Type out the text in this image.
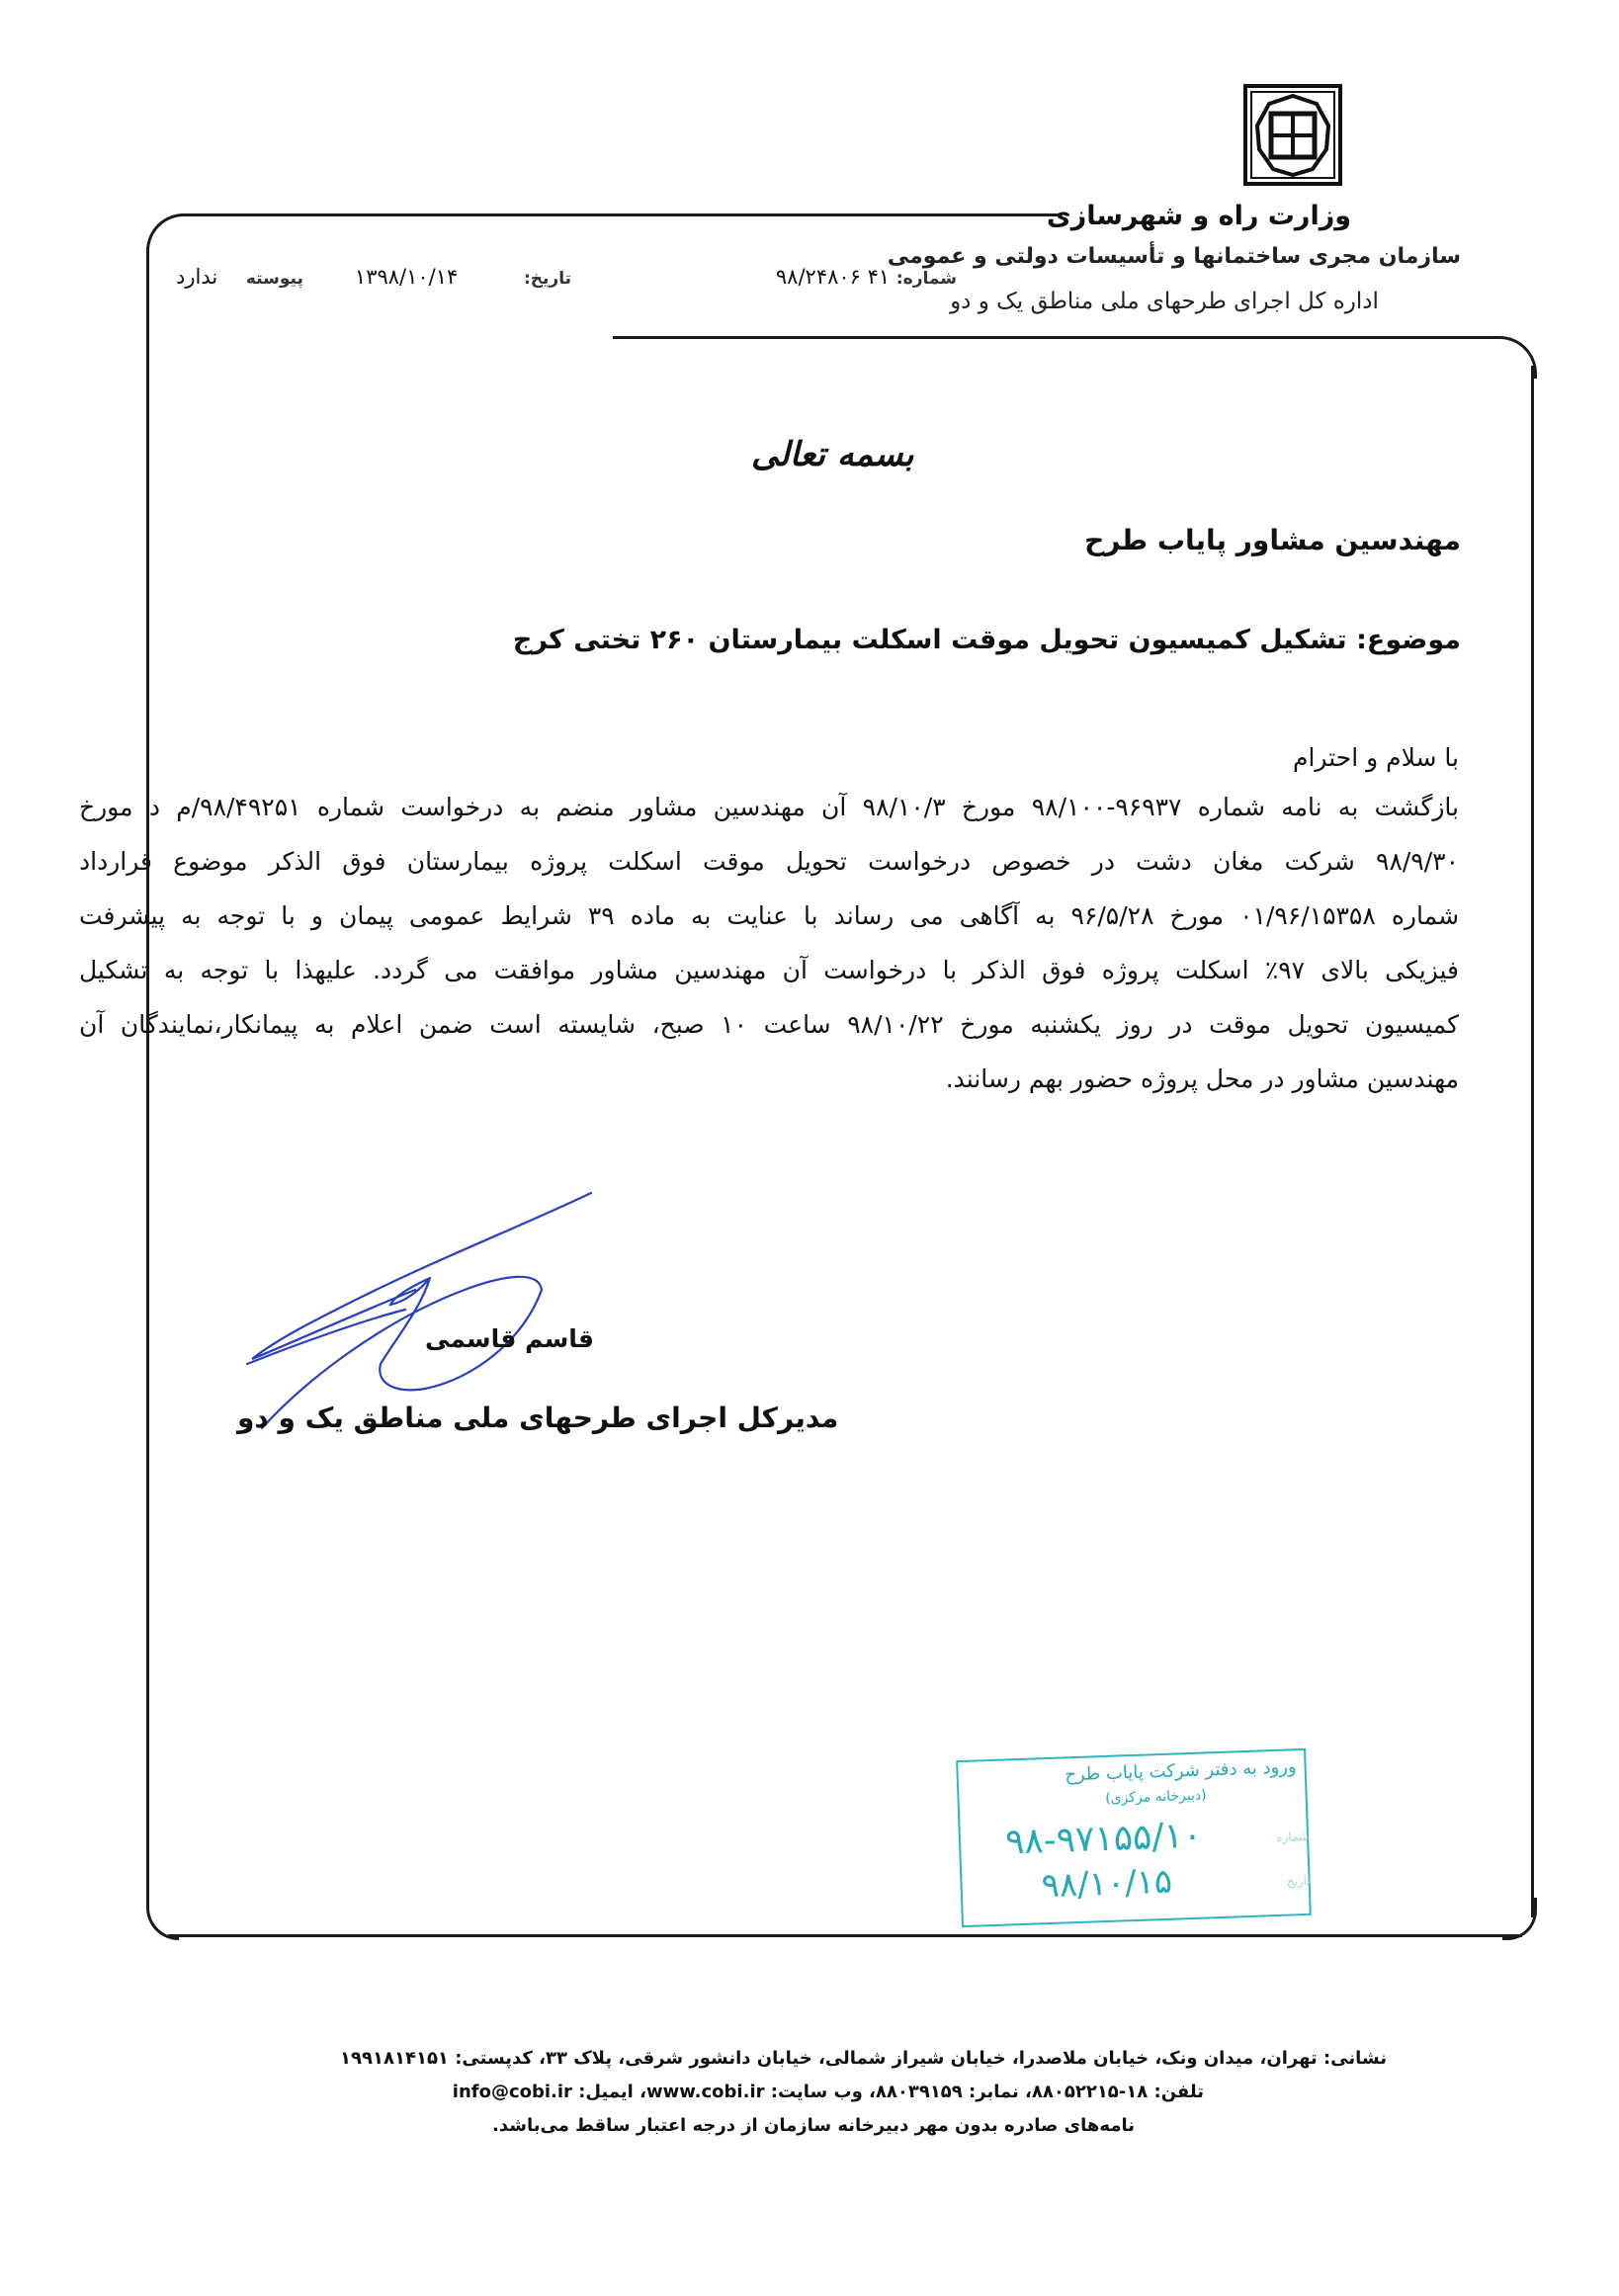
وزارت راه و شهرسازی
سازمان مجری ساختمانها و تأسیسات دولتی و عمومی
اداره کل اجرای طرحهای ملی مناطق یک و دو
شماره: ۴۱ ۹۸/۲۴۸۰۶
تاریخ: ۱۳۹۸/۱۰/۱۴
پیوسته ندارد
بسمه تعالی
مهندسین مشاور پایاب طرح
موضوع: تشکیل کمیسیون تحویل موقت اسکلت بیمارستان ۲۶۰ تختی کرج
با سلام و احترام
بازگشت به نامه شماره ۹۶۹۳۷-۹۸/۱۰۰ مورخ ۹۸/۱۰/۳ آن مهندسین مشاور منضم به درخواست شماره ۹۸/۴۹۲۵۱/م د مورخ
۹۸/۹/۳۰ شرکت مغان دشت در خصوص درخواست تحویل موقت اسکلت پروژه بیمارستان فوق الذکر موضوع قرارداد
شماره ۰۱/۹۶/۱۵۳۵۸ مورخ ۹۶/۵/۲۸ به آگاهی می رساند با عنایت به ماده ۳۹ شرایط عمومی پیمان و با توجه به پیشرفت
فیزیکی بالای ۹۷٪ اسکلت پروژه فوق الذکر با درخواست آن مهندسین مشاور موافقت می گردد. علیهذا با توجه به تشکیل
کمیسیون تحویل موقت در روز یکشنبه مورخ ۹۸/۱۰/۲۲ ساعت ۱۰ صبح، شایسته است ضمن اعلام به پیمانکار،نمایندگان آن
مهندسین مشاور در محل پروژه حضور بهم رسانند.
قاسم قاسمی
مدیرکل اجرای طرحهای ملی مناطق یک و دو
ورود به دفتر شرکت پایاب طرح
(دبیرخانه مرکزی)
۹۸-۹۷۱۵۵/۱۰
۹۸/۱۰/۱۵
شماره
تاریخ
نشانی: تهران، میدان ونک، خیابان ملاصدرا، خیابان شیراز شمالی، خیابان دانشور شرقی، پلاک ۳۳، کدپستی: ۱۹۹۱۸۱۴۱۵۱
تلفن: ۱۸-۸۸۰۵۲۲۱۵، نمابر: ۸۸۰۳۹۱۵۹، وب سایت: www.cobi.ir، ایمیل: info@cobi.ir
نامه‌های صادره بدون مهر دبیرخانه سازمان از درجه اعتبار ساقط می‌باشد.
